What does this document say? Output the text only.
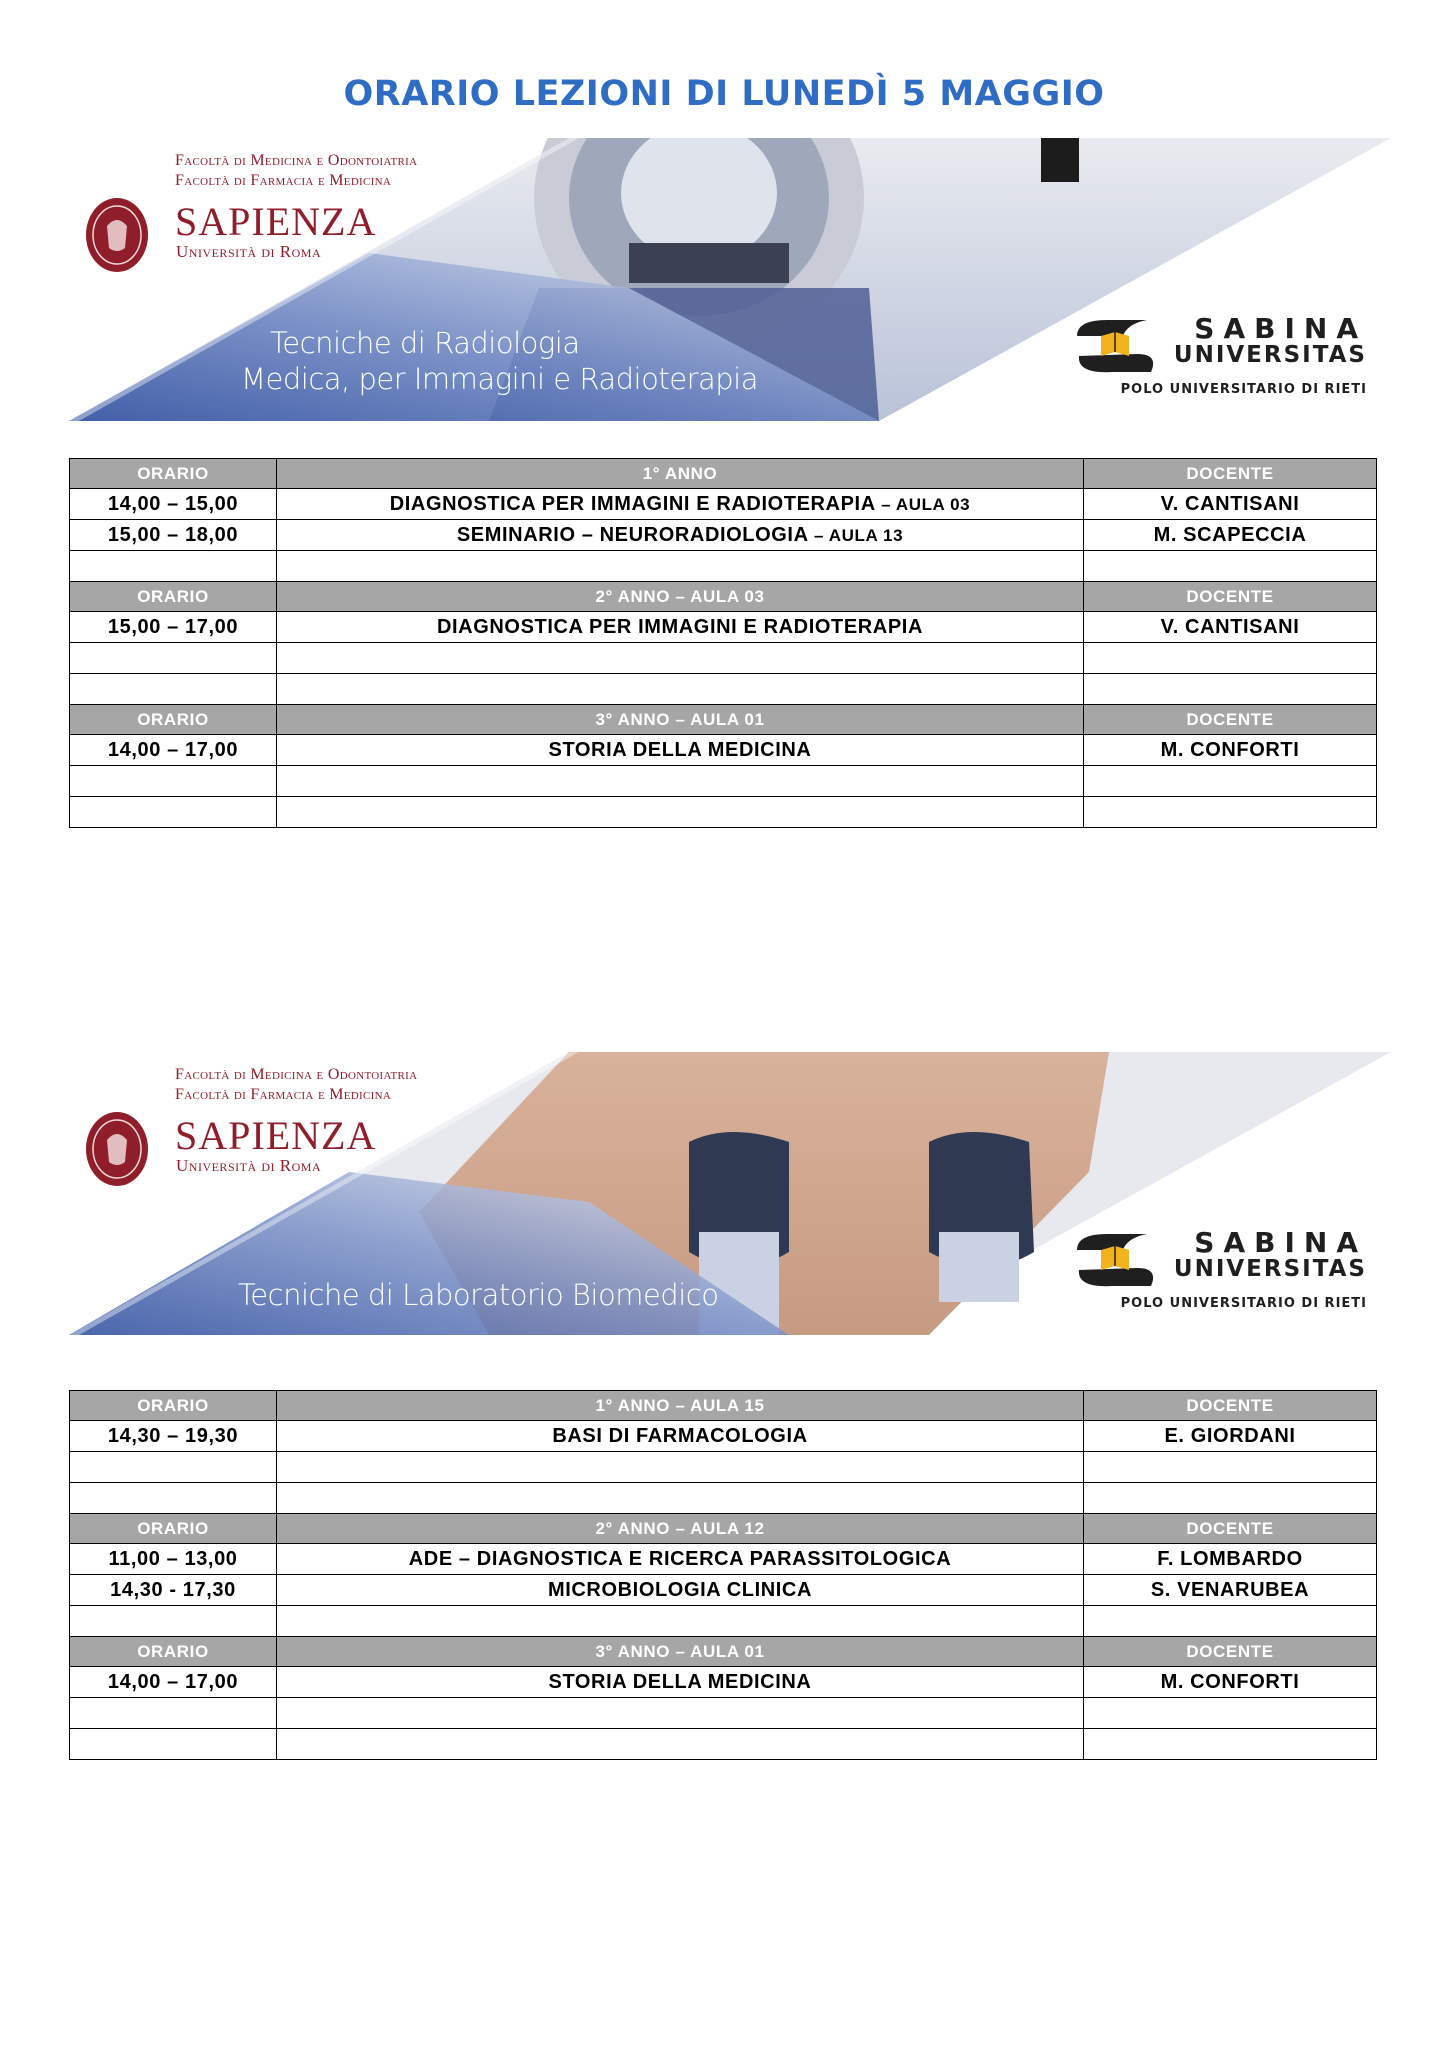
ORARIO LEZIONI DI LUNEDÌ 5 MAGGIO
Facoltà di Medicina e Odontoiatria
Facoltà di Farmacia e Medicina
SAPIENZA
Università di Roma
Tecniche di Radiologia
Medica, per Immagini e Radioterapia
SABINA
UNIVERSITAS
POLO UNIVERSITARIO DI RIETI
ORARIO	1° ANNO	DOCENTE
14,00 – 15,00	DIAGNOSTICA PER IMMAGINI E RADIOTERAPIA – AULA 03	V. CANTISANI
15,00 – 18,00	SEMINARIO – NEURORADIOLOGIA – AULA 13	M. SCAPECCIA

ORARIO	2° ANNO – AULA 03	DOCENTE
15,00 – 17,00	DIAGNOSTICA PER IMMAGINI E RADIOTERAPIA	V. CANTISANI

ORARIO	3° ANNO – AULA 01	DOCENTE
14,00 – 17,00	STORIA DELLA MEDICINA	M. CONFORTI

Facoltà di Medicina e Odontoiatria
Facoltà di Farmacia e Medicina
SAPIENZA
Università di Roma
Tecniche di Laboratorio Biomedico
SABINA
UNIVERSITAS
POLO UNIVERSITARIO DI RIETI
ORARIO	1° ANNO – AULA 15	DOCENTE
14,30 – 19,30	BASI DI FARMACOLOGIA	E. GIORDANI

ORARIO	2° ANNO – AULA 12	DOCENTE
11,00 – 13,00	ADE – DIAGNOSTICA E RICERCA PARASSITOLOGICA	F. LOMBARDO
14,30 - 17,30	MICROBIOLOGIA CLINICA	S. VENARUBEA

ORARIO	3° ANNO – AULA 01	DOCENTE
14,00 – 17,00	STORIA DELLA MEDICINA	M. CONFORTI
